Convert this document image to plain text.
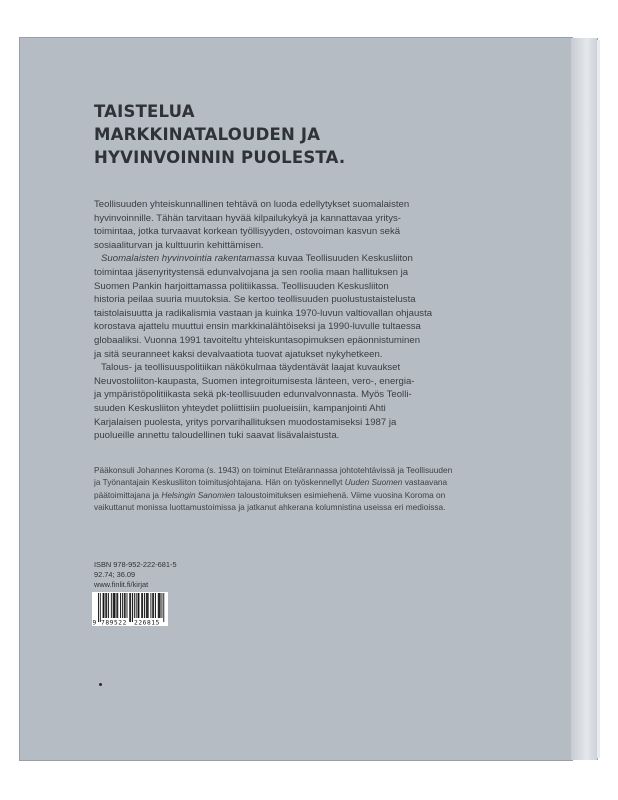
TAISTELUA
MARKKINATALOUDEN JA
HYVINVOINNIN PUOLESTA.

Teollisuuden yhteiskunnallinen tehtävä on luoda edellytykset suomalaisten
hyvinvoinnille. Tähän tarvitaan hyvää kilpailukykyä ja kannattavaa yritys-
toimintaa, jotka turvaavat korkean työllisyyden, ostovoiman kasvun sekä
sosiaaliturvan ja kulttuurin kehittämisen.

Suomalaisten hyvinvointia rakentamassa kuvaa Teollisuuden Keskusliiton
toimintaa jäsenyritystensä edunvalvojana ja sen roolia maan hallituksen ja
Suomen Pankin harjoittamassa politiikassa. Teollisuuden Keskusliiton
historia peilaa suuria muutoksia. Se kertoo teollisuuden puolustustaistelusta
taistolaisuutta ja radikalismia vastaan ja kuinka 1970-luvun valtiovallan ohjausta
korostava ajattelu muuttui ensin markkinalähtöiseksi ja 1990-luvulle tultaessa
globaaliksi. Vuonna 1991 tavoiteltu yhteiskuntasopimuksen epäonnistuminen
ja sitä seuranneet kaksi devalvaatiota tuovat ajatukset nykyhetkeen.

Talous- ja teollisuuspolitiikan näkökulmaa täydentävät laajat kuvaukset
Neuvostoliiton-kaupasta, Suomen integroitumisesta länteen, vero-, energia-
ja ympäristöpolitiikasta sekä pk-teollisuuden edunvalvonnasta. Myös Teolli-
suuden Keskusliiton yhteydet poliittisiin puolueisiin, kampanjointi Ahti
Karjalaisen puolesta, yritys porvarihallituksen muodostamiseksi 1987 ja
puolueille annettu taloudellinen tuki saavat lisävalaistusta.

Pääkonsuli Johannes Koroma (s. 1943) on toiminut Etelärannassa johtotehtävissä ja Teollisuuden
ja Työnantajain Keskusliiton toimitusjohtajana. Hän on työskennellyt Uuden Suomen vastaavana
päätoimittajana ja Helsingin Sanomien taloustoimituksen esimiehenä. Viime vuosina Koroma on
vaikuttanut monissa luottamustoimissa ja jatkanut ahkerana kolumnistina useissa eri medioissa.
ISBN 978-952-222-681-5
92.74; 36.09
www.finlit.fi/kirjat
9 789522 226815
